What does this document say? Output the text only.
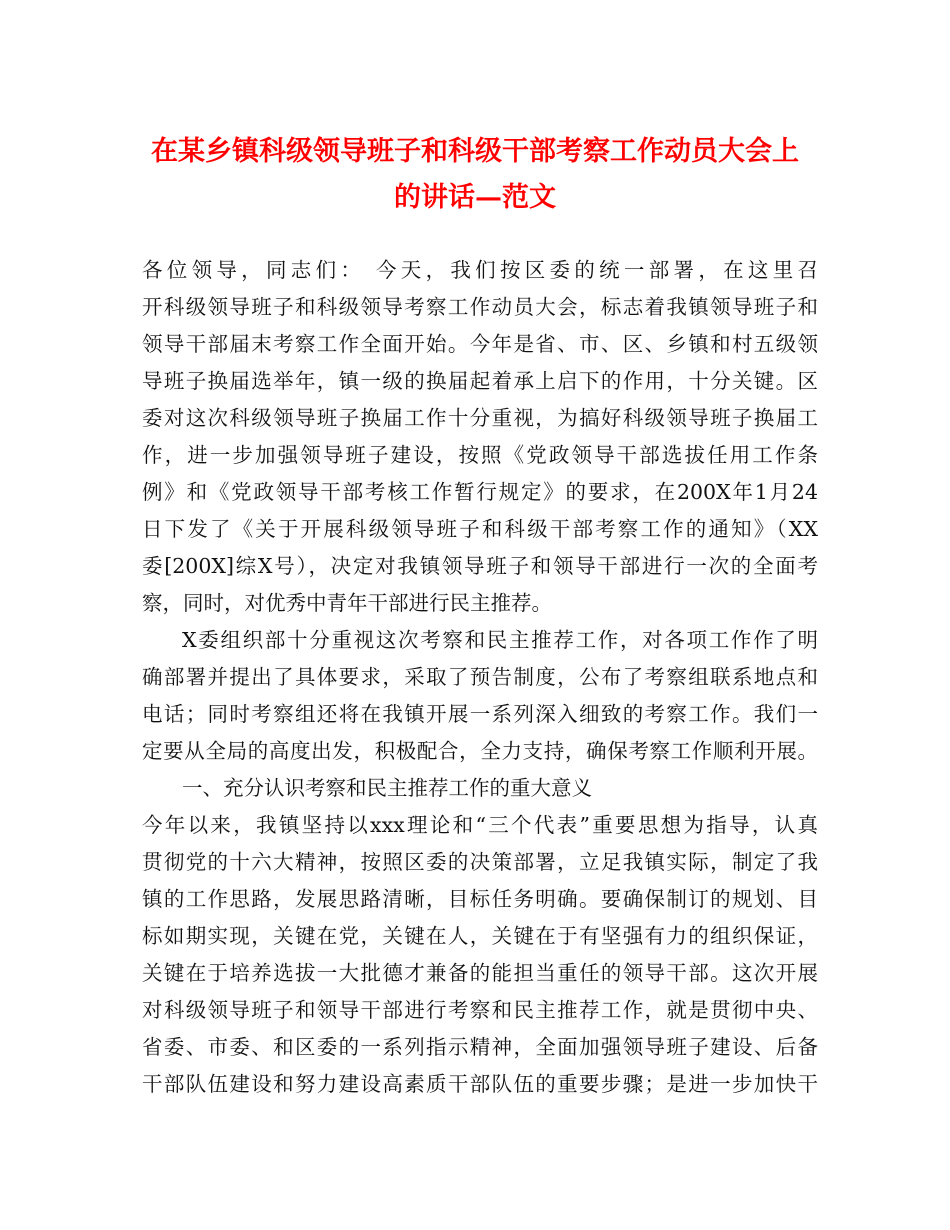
在某乡镇科级领导班子和科级干部考察工作动员大会上
的讲话—范文
各位领导，同志们： 今天，我们按区委的统一部署，在这里召
开科级领导班子和科级领导考察工作动员大会，标志着我镇领导班子和
领导干部届末考察工作全面开始。今年是省、市、区、乡镇和村五级领
导班子换届选举年，镇一级的换届起着承上启下的作用，十分关键。区
委对这次科级领导班子换届工作十分重视，为搞好科级领导班子换届工
作，进一步加强领导班子建设，按照《党政领导干部选拔任用工作条
例》和《党政领导干部考核工作暂行规定》的要求，在200X年1月24
日下发了《关于开展科级领导班子和科级干部考察工作的通知》（XX
委[200X]综X号），决定对我镇领导班子和领导干部进行一次的全面考
察，同时，对优秀中青年干部进行民主推荐。
X委组织部十分重视这次考察和民主推荐工作，对各项工作作了明
确部署并提出了具体要求，采取了预告制度，公布了考察组联系地点和
电话；同时考察组还将在我镇开展一系列深入细致的考察工作。我们一
定要从全局的高度出发，积极配合，全力支持，确保考察工作顺利开展。
一、充分认识考察和民主推荐工作的重大意义
今年以来，我镇坚持以xxx理论和“三个代表”重要思想为指导，认真
贯彻党的十六大精神，按照区委的决策部署，立足我镇实际，制定了我
镇的工作思路，发展思路清晰，目标任务明确。要确保制订的规划、目
标如期实现，关键在党，关键在人，关键在于有坚强有力的组织保证，
关键在于培养选拔一大批德才兼备的能担当重任的领导干部。这次开展
对科级领导班子和领导干部进行考察和民主推荐工作，就是贯彻中央、
省委、市委、和区委的一系列指示精神，全面加强领导班子建设、后备
干部队伍建设和努力建设高素质干部队伍的重要步骤；是进一步加快干
